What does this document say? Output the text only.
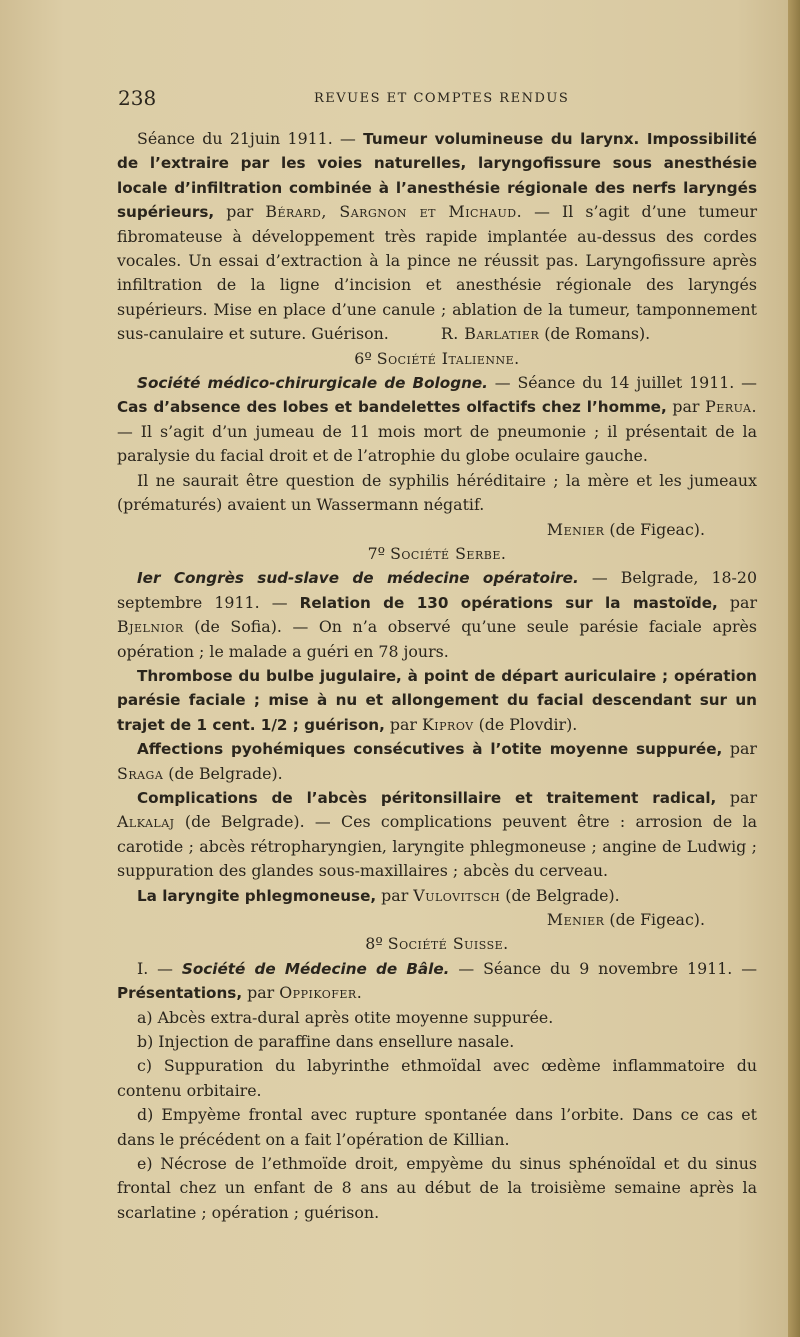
238	REVUES ET COMPTES RENDUS

Séance du 21juin 1911. — Tumeur volumineuse du larynx. Impossibilité de l’extraire par les voies naturelles, laryngofissure sous anesthésie locale d’infiltration combinée à l’anesthésie régionale des nerfs laryngés supérieurs, par Bérard, Sargnon et Michaud. — Il s’agit d’une tumeur fibromateuse à développement très rapide implantée au-dessus des cordes vocales. Un essai d’extraction à la pince ne réussit pas. Laryngofissure après infiltration de la ligne d’incision et anesthésie régionale des laryngés supérieurs. Mise en place d’une canule ; ablation de la tumeur, tamponnement sus-canulaire et suture. Guérison.	R. Barlatier (de Romans).

6º Société Italienne.

Société médico-chirurgicale de Bologne. — Séance du 14 juillet 1911. — Cas d’absence des lobes et bandelettes olfactifs chez l’homme, par Perua. — Il s’agit d’un jumeau de 11 mois mort de pneumonie ; il présentait de la paralysie du facial droit et de l’atrophie du globe oculaire gauche.

Il ne saurait être question de syphilis héréditaire ; la mère et les jumeaux (prématurés) avaient un Wassermann négatif.

Menier (de Figeac).

7º Société Serbe.

Ier Congrès sud-slave de médecine opératoire. — Belgrade, 18-20 septembre 1911. — Relation de 130 opérations sur la mastoïde, par Bjelnior (de Sofia). — On n’a observé qu’une seule parésie faciale après opération ; le malade a guéri en 78 jours.

Thrombose du bulbe jugulaire, à point de départ auriculaire ; opération parésie faciale ; mise à nu et allongement du facial descendant sur un trajet de 1 cent. 1/2 ; guérison, par Kiprov (de Plovdir).

Affections pyohémiques consécutives à l’otite moyenne suppurée, par Sraga (de Belgrade).

Complications de l’abcès péritonsillaire et traitement radical, par Alkalaj (de Belgrade). — Ces complications peuvent être : arrosion de la carotide ; abcès rétropharyngien, laryngite phlegmoneuse ; angine de Ludwig ; suppuration des glandes sous-maxillaires ; abcès du cerveau.

La laryngite phlegmoneuse, par Vulovitsch (de Belgrade).

Menier (de Figeac).

8º Société Suisse.

I. — Société de Médecine de Bâle. — Séance du 9 novembre 1911. — Présentations, par Oppikofer.

a) Abcès extra-dural après otite moyenne suppurée.

b) Injection de paraffine dans ensellure nasale.

c) Suppuration du labyrinthe ethmoïdal avec œdème inflammatoire du contenu orbitaire.

d) Empyème frontal avec rupture spontanée dans l’orbite. Dans ce cas et dans le précédent on a fait l’opération de Killian.

e) Nécrose de l’ethmoïde droit, empyème du sinus sphénoïdal et du sinus frontal chez un enfant de 8 ans au début de la troisième semaine après la scarlatine ; opération ; guérison.
